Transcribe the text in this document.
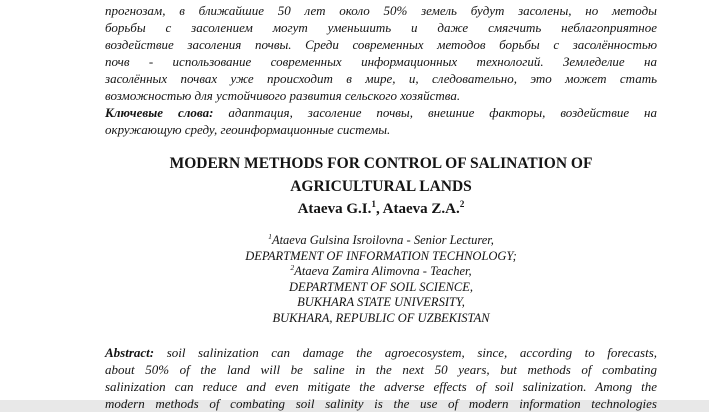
прогнозам, в ближайшие 50 лет около 50% земель будут засолены, но методы
борьбы с засолением могут уменьшить и даже смягчить неблагоприятное
воздействие засоления почвы. Среди современных методов борьбы с засолённостью
почв - использование современных информационных технологий. Земледелие на
засолённых почвах уже происходит в мире, и, следовательно, это может стать
возможностью для устойчивого развития сельского хозяйства.
Ключевые слова: адаптация, засоление почвы, внешние факторы, воздействие на
окружающую среду, геоинформационные системы.
MODERN METHODS FOR CONTROL OF SALINATION OF
AGRICULTURAL LANDS
Ataeva G.I.$^1$, Ataeva Z.A.$^2$
$^1$Ataeva Gulsina Isroilovna - Senior Lecturer,
DEPARTMENT OF INFORMATION TECHNOLOGY;
$^2$Ataeva Zamira Alimovna - Teacher,
DEPARTMENT OF SOIL SCIENCE,
BUKHARA STATE UNIVERSITY,
BUKHARA, REPUBLIC OF UZBEKISTAN
Abstract: soil salinization can damage the agroecosystem, since, according to forecasts,
about 50% of the land will be saline in the next 50 years, but methods of combating
salinization can reduce and even mitigate the adverse effects of soil salinization. Among the
modern methods of combating soil salinity is the use of modern information technologies
